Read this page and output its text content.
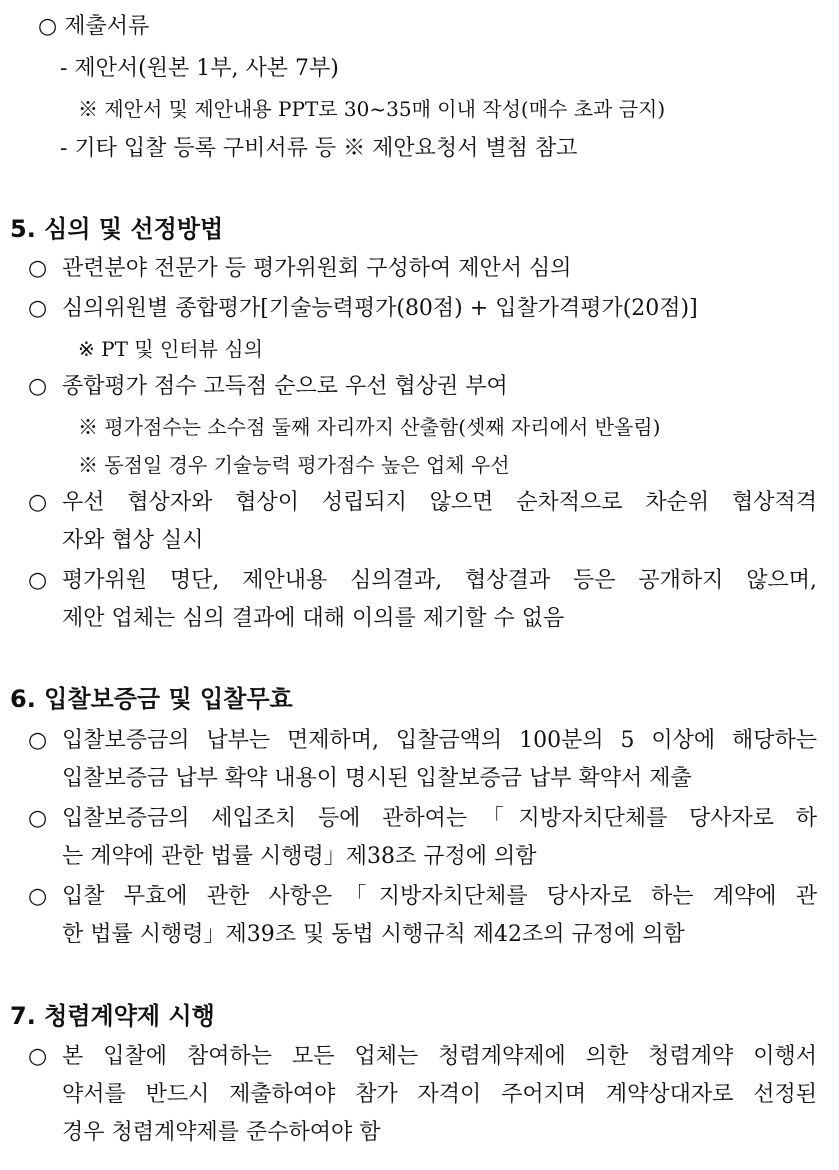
○ 제출서류
- 제안서(원본 1부, 사본 7부)
※ 제안서 및 제안내용 PPT로 30~35매 이내 작성(매수 초과 금지)
- 기타 입찰 등록 구비서류 등 ※ 제안요청서 별첨 참고
5. 심의 및 선정방법
○ 관련분야 전문가 등 평가위원회 구성하여 제안서 심의
○ 심의위원별 종합평가[기술능력평가(80점) + 입찰가격평가(20점)]
※ PT 및 인터뷰 심의
○ 종합평가 점수 고득점 순으로 우선 협상권 부여
※ 평가점수는 소수점 둘째 자리까지 산출함(셋째 자리에서 반올림)
※ 동점일 경우 기술능력 평가점수 높은 업체 우선
○ 우선 협상자와 협상이 성립되지 않으면 순차적으로 차순위 협상적격
자와 협상 실시
○ 평가위원 명단, 제안내용 심의결과, 협상결과 등은 공개하지 않으며,
제안 업체는 심의 결과에 대해 이의를 제기할 수 없음
6. 입찰보증금 및 입찰무효
○ 입찰보증금의 납부는 면제하며, 입찰금액의 100분의 5 이상에 해당하는
입찰보증금 납부 확약 내용이 명시된 입찰보증금 납부 확약서 제출
○ 입찰보증금의 세입조치 등에 관하여는「지방자치단체를 당사자로 하
는 계약에 관한 법률 시행령」제38조 규정에 의함
○ 입찰 무효에 관한 사항은「지방자치단체를 당사자로 하는 계약에 관
한 법률 시행령」제39조 및 동법 시행규칙 제42조의 규정에 의함
7. 청렴계약제 시행
○ 본 입찰에 참여하는 모든 업체는 청렴계약제에 의한 청렴계약 이행서
약서를 반드시 제출하여야 참가 자격이 주어지며 계약상대자로 선정된
경우 청렴계약제를 준수하여야 함
